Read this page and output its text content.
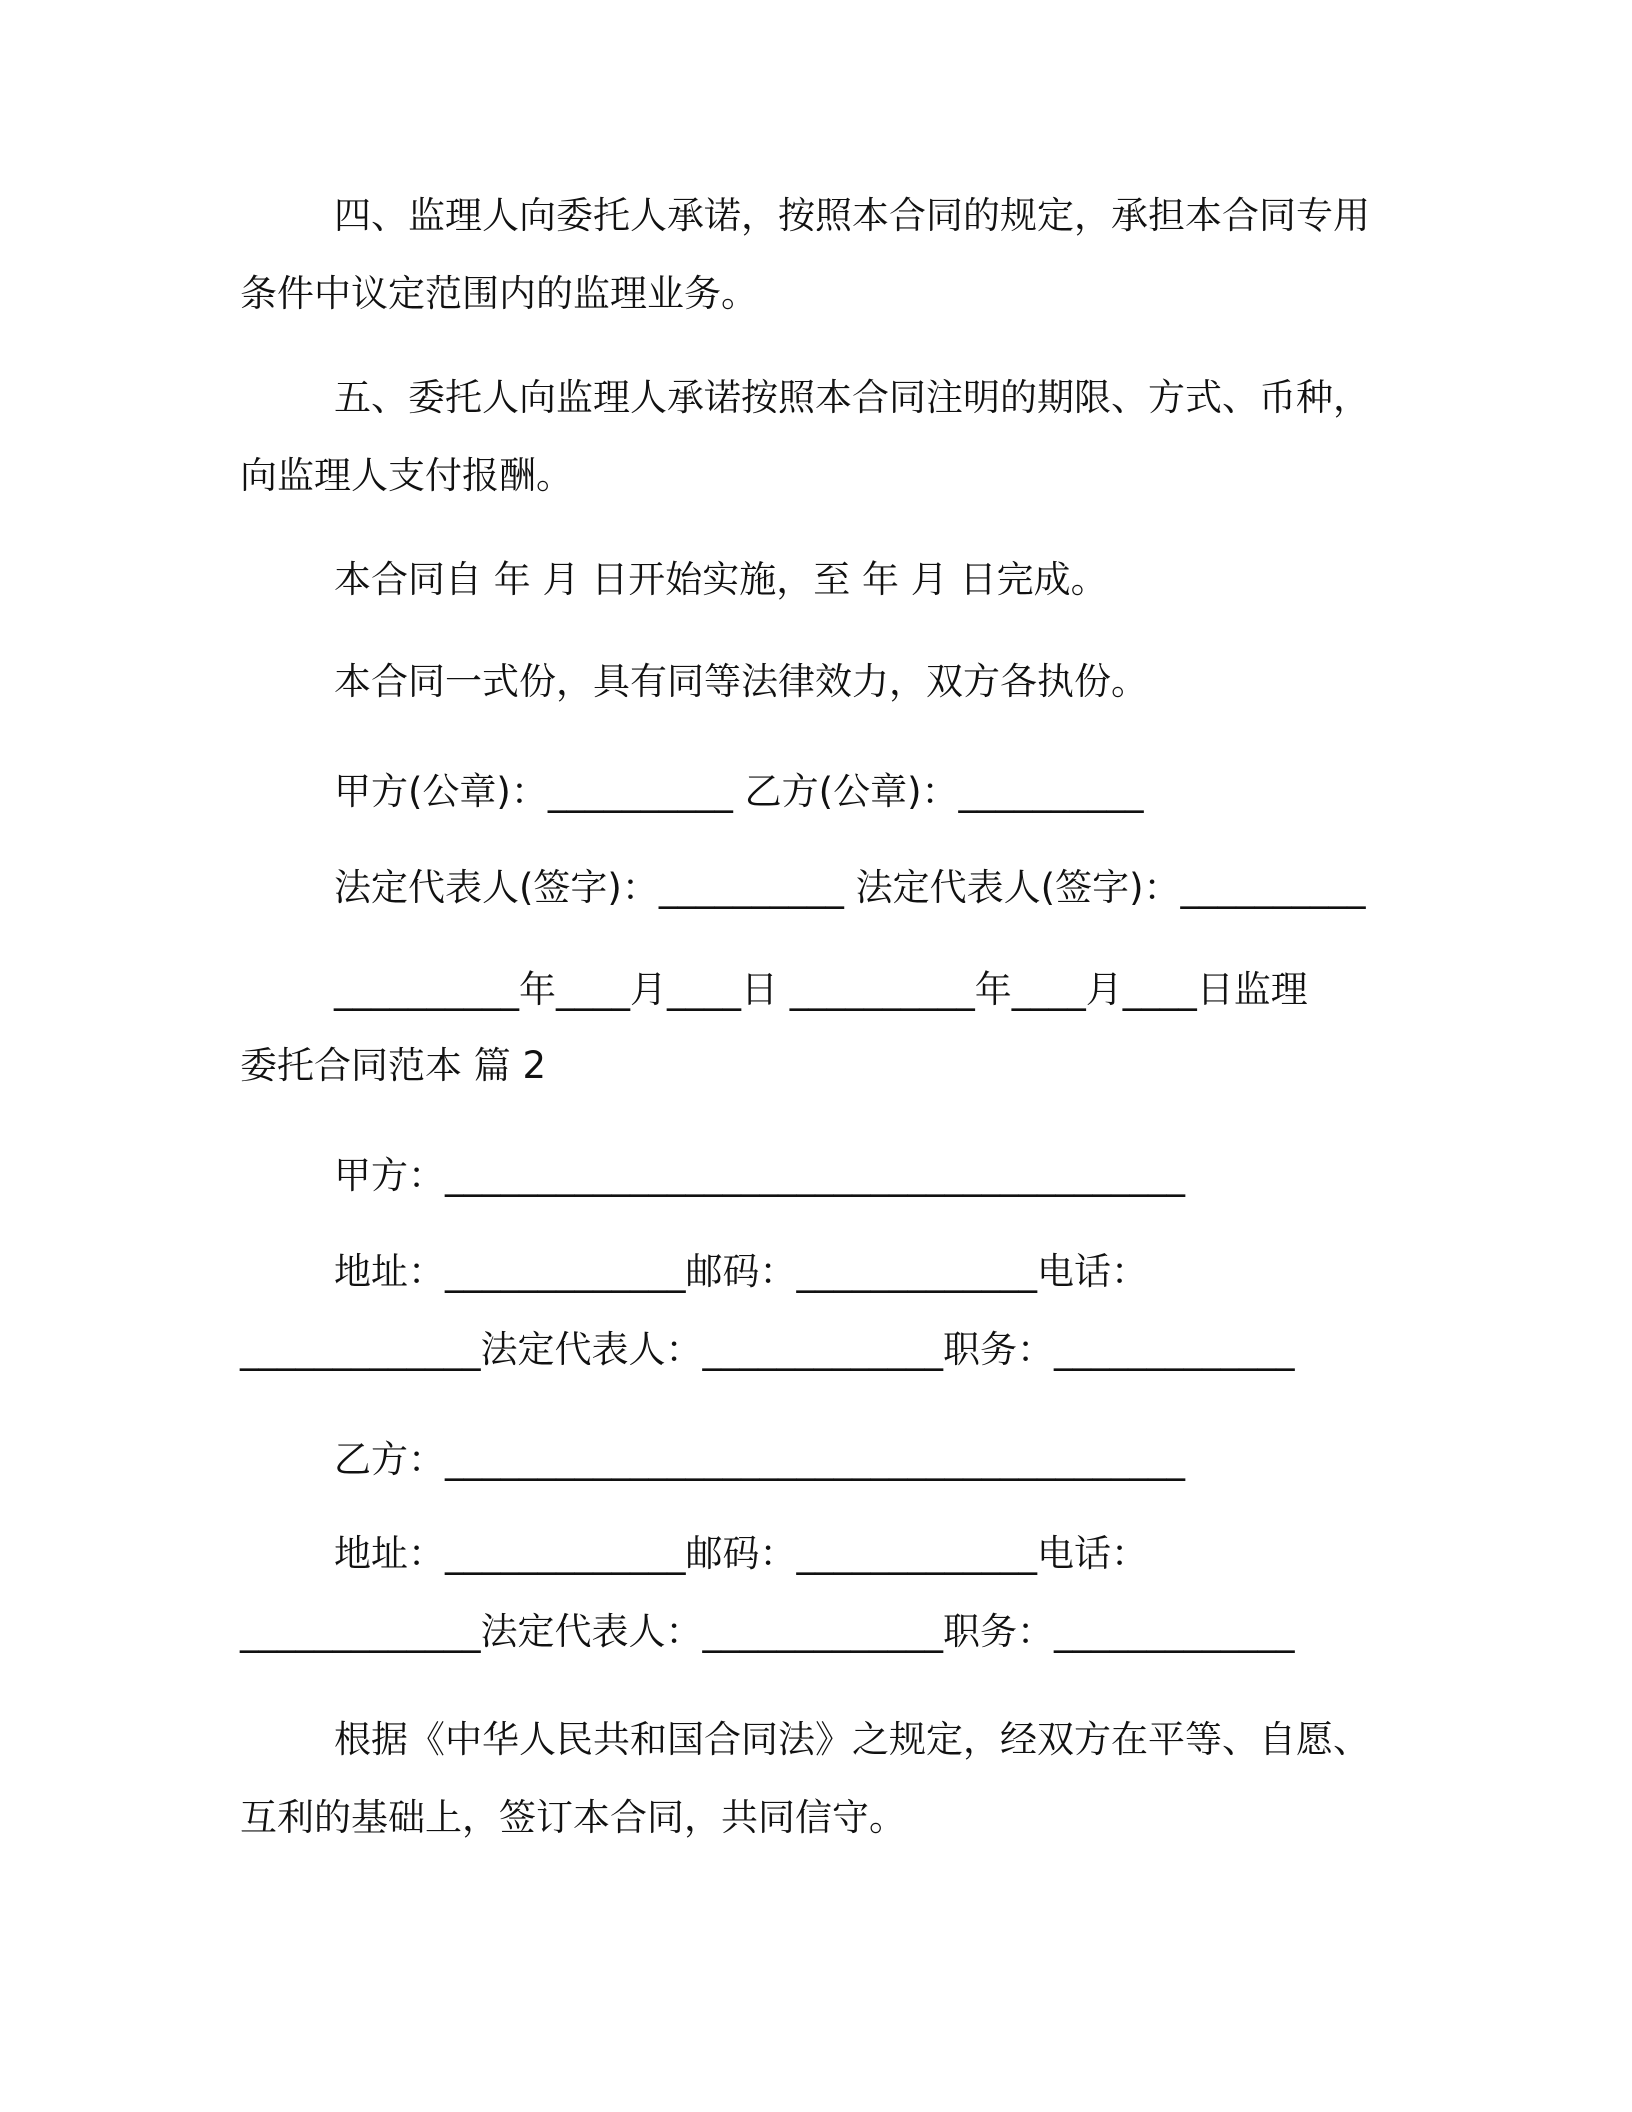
四、监理人向委托人承诺，按照本合同的规定，承担本合同专用
条件中议定范围内的监理业务。
五、委托人向监理人承诺按照本合同注明的期限、方式、币种，
向监理人支付报酬。
本合同自 年 月 日开始实施，至 年 月 日完成。
本合同一式份，具有同等法律效力，双方各执份。
甲方(公章)：__________ 乙方(公章)：__________
法定代表人(签字)：__________ 法定代表人(签字)：__________
__________年____月____日 __________年____月____日监理
委托合同范本 篇 2
甲方：________________________________________
地址：_____________邮码：_____________电话：
_____________法定代表人：_____________职务：_____________
乙方：________________________________________
地址：_____________邮码：_____________电话：
_____________法定代表人：_____________职务：_____________
根据《中华人民共和国合同法》之规定，经双方在平等、自愿、
互利的基础上，签订本合同，共同信守。
